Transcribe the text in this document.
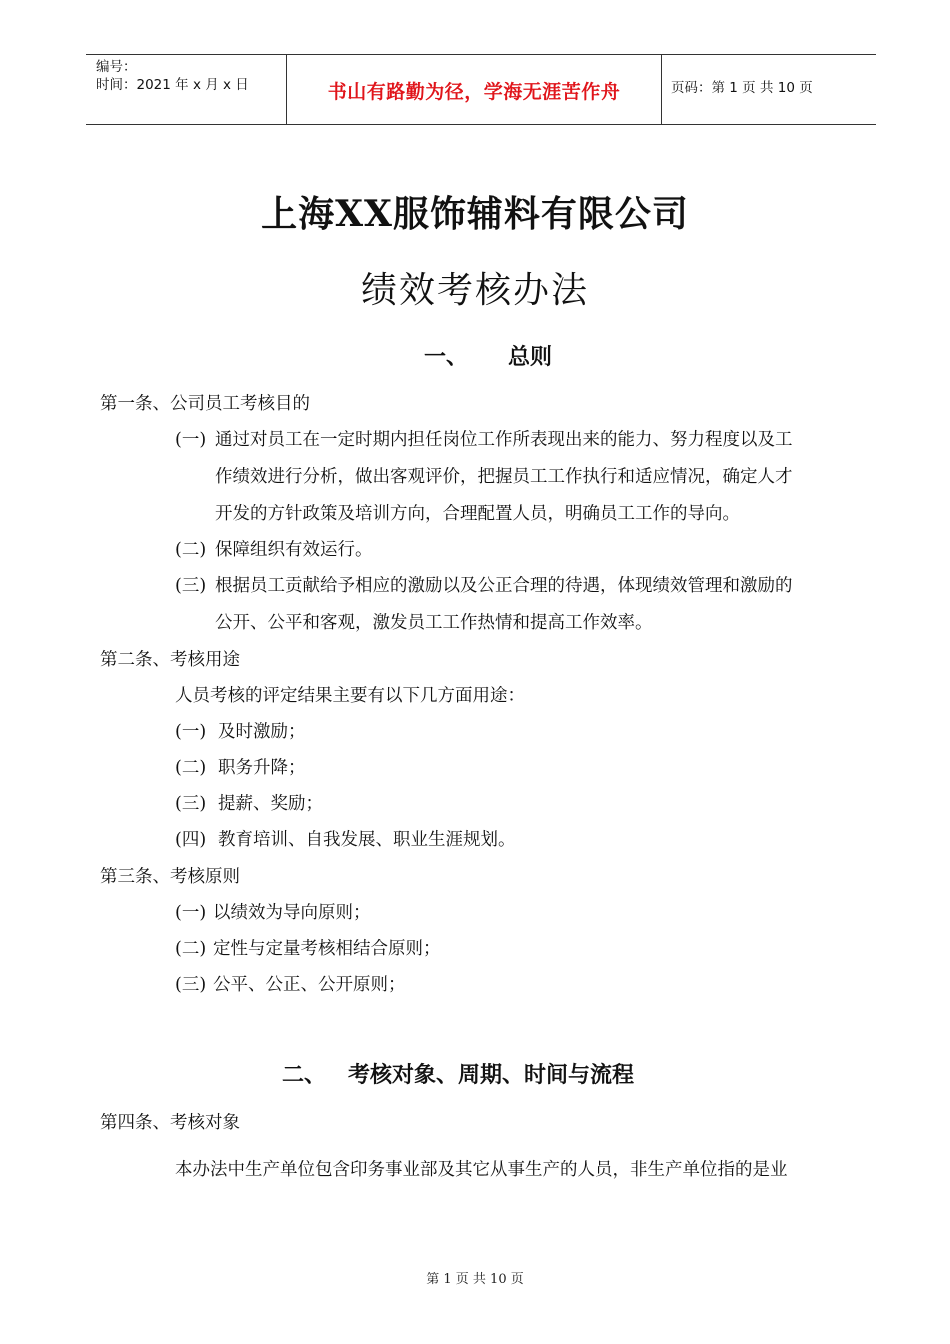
编号：
时间：2021 年 x 月 x 日	书山有路勤为径，学海无涯苦作舟	页码：第 1 页 共 10 页
上海XX服饰辅料有限公司
绩效考核办法
一、 总则
第一条、公司员工考核目的
(一) 通过对员工在一定时期内担任岗位工作所表现出来的能力、努力程度以及工
作绩效进行分析，做出客观评价，把握员工工作执行和适应情况，确定人才
开发的方针政策及培训方向，合理配置人员，明确员工工作的导向。
(二) 保障组织有效运行。
(三) 根据员工贡献给予相应的激励以及公正合理的待遇，体现绩效管理和激励的
公开、公平和客观，激发员工工作热情和提高工作效率。
第二条、考核用途
人员考核的评定结果主要有以下几方面用途：
(一) 及时激励；
(二) 职务升降；
(三) 提薪、奖励；
(四) 教育培训、自我发展、职业生涯规划。
第三条、考核原则
(一) 以绩效为导向原则；
(二) 定性与定量考核相结合原则；
(三) 公平、公正、公开原则；
二、 考核对象、周期、时间与流程
第四条、考核对象
本办法中生产单位包含印务事业部及其它从事生产的人员，非生产单位指的是业
第 1 页 共 10 页
